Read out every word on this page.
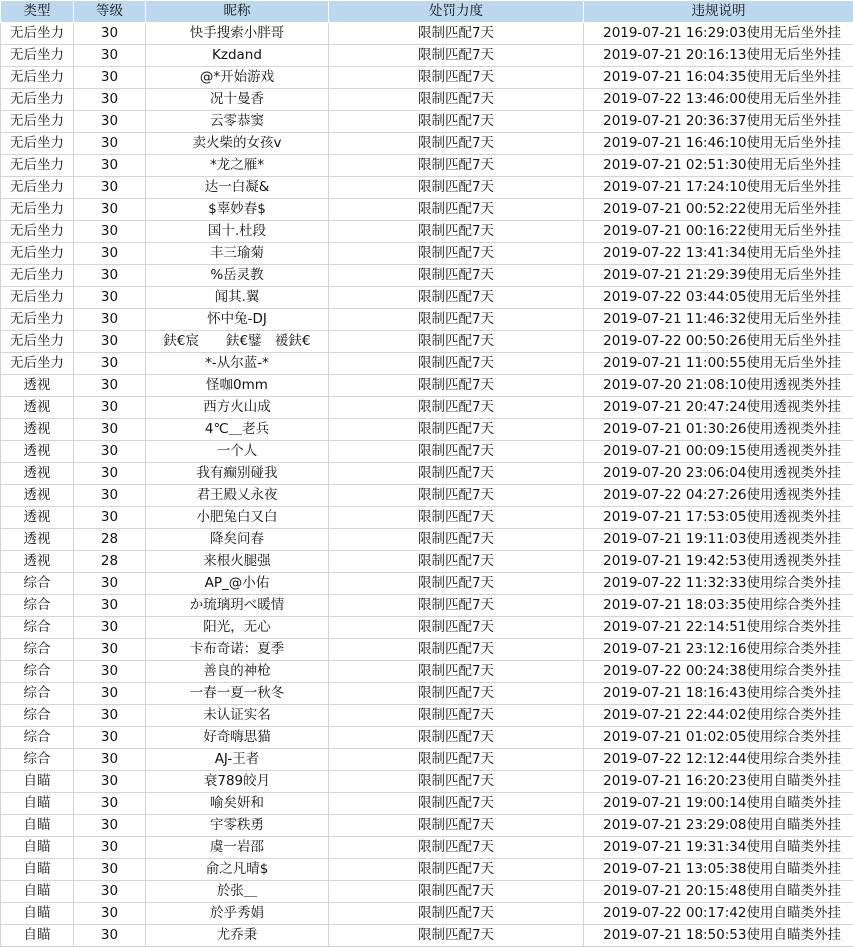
类型	等级	昵称	处罚力度	违规说明
无后坐力	30	快手搜索小胖哥	限制匹配7天	2019-07-21 16:29:03使用无后坐外挂
无后坐力	30	Kzdand	限制匹配7天	2019-07-21 20:16:13使用无后坐外挂
无后坐力	30	@*开始游戏	限制匹配7天	2019-07-21 16:04:35使用无后坐外挂
无后坐力	30	况十曼香	限制匹配7天	2019-07-22 13:46:00使用无后坐外挂
无后坐力	30	云零恭窦	限制匹配7天	2019-07-21 20:36:37使用无后坐外挂
无后坐力	30	卖火柴的女孩v	限制匹配7天	2019-07-21 16:46:10使用无后坐外挂
无后坐力	30	*龙之雁*	限制匹配7天	2019-07-21 02:51:30使用无后坐外挂
无后坐力	30	达一白凝&	限制匹配7天	2019-07-21 17:24:10使用无后坐外挂
无后坐力	30	$辜妙春$	限制匹配7天	2019-07-21 00:52:22使用无后坐外挂
无后坐力	30	国十.杜段	限制匹配7天	2019-07-21 00:16:22使用无后坐外挂
无后坐力	30	丰三瑜菊	限制匹配7天	2019-07-22 13:41:34使用无后坐外挂
无后坐力	30	%岳灵教	限制匹配7天	2019-07-21 21:29:39使用无后坐外挂
无后坐力	30	闻其.翼	限制匹配7天	2019-07-22 03:44:05使用无后坐外挂
无后坐力	30	怀中兔-DJ	限制匹配7天	2019-07-21 11:46:32使用无后坐外挂
无后坐力	30	鈇€宸　　鈇€鐾　褑鈇€	限制匹配7天	2019-07-22 00:50:26使用无后坐外挂
无后坐力	30	*-从尔蓝-*	限制匹配7天	2019-07-21 11:00:55使用无后坐外挂
透视	30	怪咖0mm	限制匹配7天	2019-07-20 21:08:10使用透视类外挂
透视	30	西方火山成	限制匹配7天	2019-07-21 20:47:24使用透视类外挂
透视	30	4℃＿老兵	限制匹配7天	2019-07-21 01:30:26使用透视类外挂
透视	30	一个人	限制匹配7天	2019-07-21 00:09:15使用透视类外挂
透视	30	我有癫别碰我	限制匹配7天	2019-07-20 23:06:04使用透视类外挂
透视	30	君王殿乂永夜	限制匹配7天	2019-07-22 04:27:26使用透视类外挂
透视	30	小肥兔白又白	限制匹配7天	2019-07-21 17:53:05使用透视类外挂
透视	28	降矣问春	限制匹配7天	2019-07-21 19:11:03使用透视类外挂
透视	28	来根火腿强	限制匹配7天	2019-07-21 19:42:53使用透视类外挂
综合	30	AP_@小佑	限制匹配7天	2019-07-22 11:32:33使用综合类外挂
综合	30	か琉璃玥べ暖情	限制匹配7天	2019-07-21 18:03:35使用综合类外挂
综合	30	阳光，无心	限制匹配7天	2019-07-21 22:14:51使用综合类外挂
综合	30	卡布奇诺：夏季	限制匹配7天	2019-07-21 23:12:16使用综合类外挂
综合	30	善良的神枪	限制匹配7天	2019-07-22 00:24:38使用综合类外挂
综合	30	一春一夏一秋冬	限制匹配7天	2019-07-21 18:16:43使用综合类外挂
综合	30	未认证实名	限制匹配7天	2019-07-21 22:44:02使用综合类外挂
综合	30	好奇嗨思猫	限制匹配7天	2019-07-21 01:02:05使用综合类外挂
综合	30	AJ-王者	限制匹配7天	2019-07-22 12:12:44使用综合类外挂
自瞄	30	衰789皎月	限制匹配7天	2019-07-21 16:20:23使用自瞄类外挂
自瞄	30	喻矣妍和	限制匹配7天	2019-07-21 19:00:14使用自瞄类外挂
自瞄	30	宇零秩勇	限制匹配7天	2019-07-21 23:29:08使用自瞄类外挂
自瞄	30	虞一岩邵	限制匹配7天	2019-07-21 19:31:34使用自瞄类外挂
自瞄	30	俞之凡晴$	限制匹配7天	2019-07-21 13:05:38使用自瞄类外挂
自瞄	30	於张＿	限制匹配7天	2019-07-21 20:15:48使用自瞄类外挂
自瞄	30	於乎秀娟	限制匹配7天	2019-07-22 00:17:42使用自瞄类外挂
自瞄	30	尤乔秉	限制匹配7天	2019-07-21 18:50:53使用自瞄类外挂
